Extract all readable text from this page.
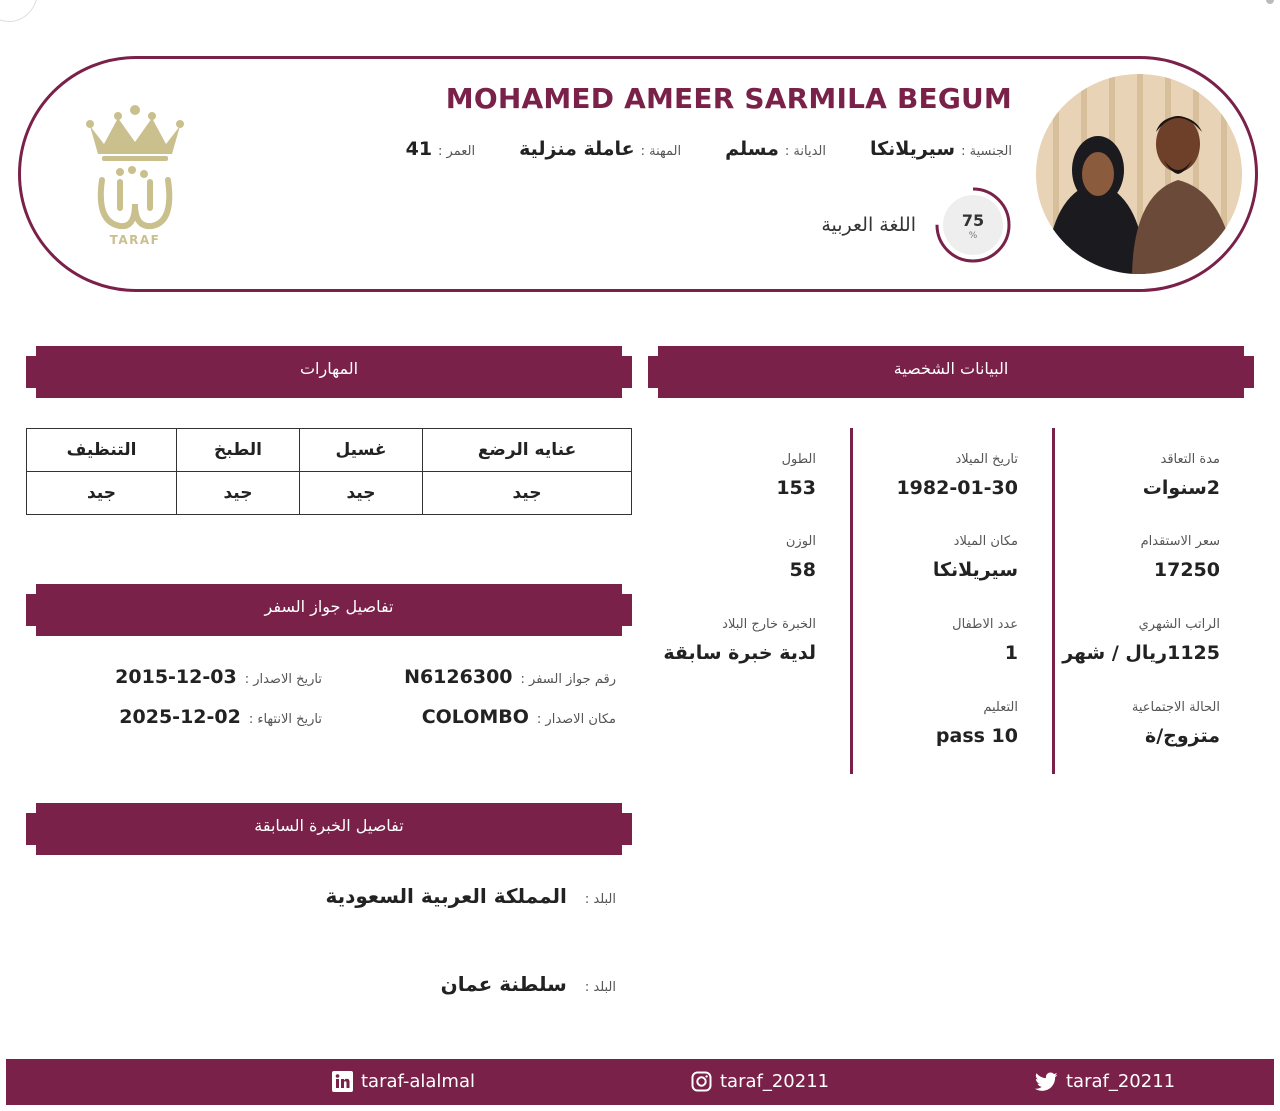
TARAF
MOHAMED AMEER SARMILA BEGUM
الجنسية :
سيريلانكا
الديانة :
مسلم
المهنة :
عاملة منزلية
العمر :
41
75
%
اللغة العربية
المهارات	البيانات الشخصية
تفاصيل جواز السفر
تفاصيل الخبرة السابقة
عنايه الرضع	غسيل	الطبخ	التنظيف
جيد	جيد	جيد	جيد
رقم جواز السفر :
N6126300
تاريخ الاصدار :
2015-12-03
مكان الاصدار :
COLOMBO
تاريخ الانتهاء :
2025-12-02
مدة التعاقد
2سنوات
تاريخ الميلاد
1982-01-30
الطول
153
سعر الاستقدام
17250
مكان الميلاد
سيريلانكا
الوزن
58
الراتب الشهري
1125ريال / شهر
عدد الاطفال
1
الخبرة خارج البلاد
لدية خبرة سابقة
الحالة الاجتماعية
متزوج/ة
التعليم
pass 10
البلد :
المملكة العربية السعودية
البلد :
سلطنة عمان
taraf-alalmal	taraf_20211	taraf_20211
